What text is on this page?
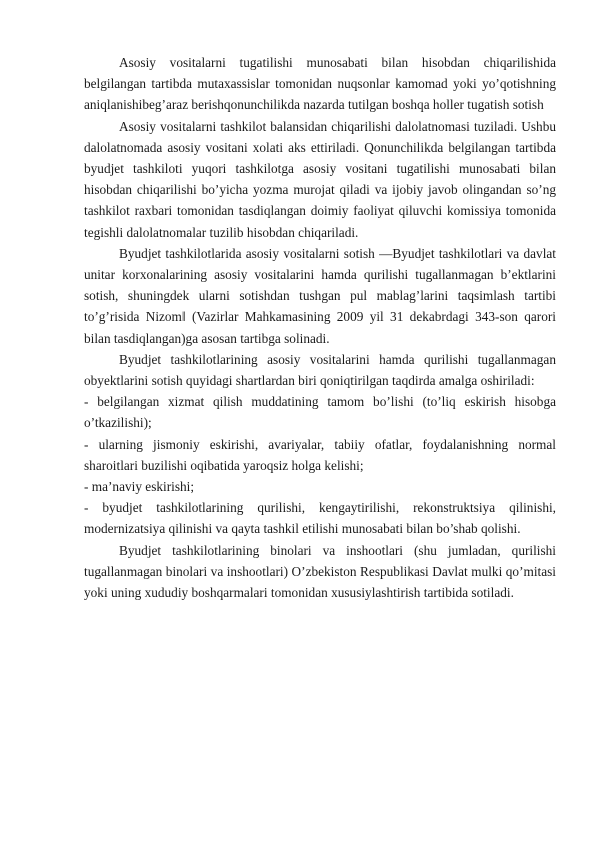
Asosiy vositalarni tugatilishi munosabati bilan hisobdan chiqarilishida belgilangan tartibda mutaxassislar tomonidan nuqsonlar kamomad yoki yo’qotishning aniqlanishibeg’araz berishqonunchilikda nazarda tutilgan boshqa holler tugatish sotish

Asosiy vositalarni tashkilot balansidan chiqarilishi dalolatnomasi tuziladi. Ushbu dalolatnomada asosiy vositani xolati aks ettiriladi. Qonunchilikda belgilangan tartibda byudjet tashkiloti yuqori tashkilotga asosiy vositani tugatilishi munosabati bilan hisobdan chiqarilishi bo’yicha yozma murojat qiladi va ijobiy javob olingandan so’ng tashkilot raxbari tomonidan tasdiqlangan doimiy faoliyat qiluvchi komissiya tomonida tegishli dalolatnomalar tuzilib hisobdan chiqariladi.

Byudjet tashkilotlarida asosiy vositalarni sotish ―Byudjet tashkilotlari va davlat unitar korxonalarining asosiy vositalarini hamda qurilishi tugallanmagan b’ektlarini sotish, shuningdek ularni sotishdan tushgan pul mablag’larini taqsimlash tartibi to’g’risida Nizom‖ (Vazirlar Mahkamasining 2009 yil 31 dekabrdagi 343-son qarori bilan tasdiqlangan)ga asosan tartibga solinadi.

Byudjet tashkilotlarining asosiy vositalarini hamda qurilishi tugallanmagan obyektlarini sotish quyidagi shartlardan biri qoniqtirilgan taqdirda amalga oshiriladi:

- belgilangan xizmat qilish muddatining tamom bo’lishi (to’liq eskirish hisobga o’tkazilishi);

- ularning jismoniy eskirishi, avariyalar, tabiiy ofatlar, foydalanishning normal sharoitlari buzilishi oqibatida yaroqsiz holga kelishi;

- ma’naviy eskirishi;

- byudjet tashkilotlarining qurilishi, kengaytirilishi, rekonstruktsiya qilinishi, modernizatsiya qilinishi va qayta tashkil etilishi munosabati bilan bo’shab qolishi.

Byudjet tashkilotlarining binolari va inshootlari (shu jumladan, qurilishi tugallanmagan binolari va inshootlari) O’zbekiston Respublikasi Davlat mulki qo’mitasi yoki uning xududiy boshqarmalari tomonidan xususiylashtirish tartibida sotiladi.
